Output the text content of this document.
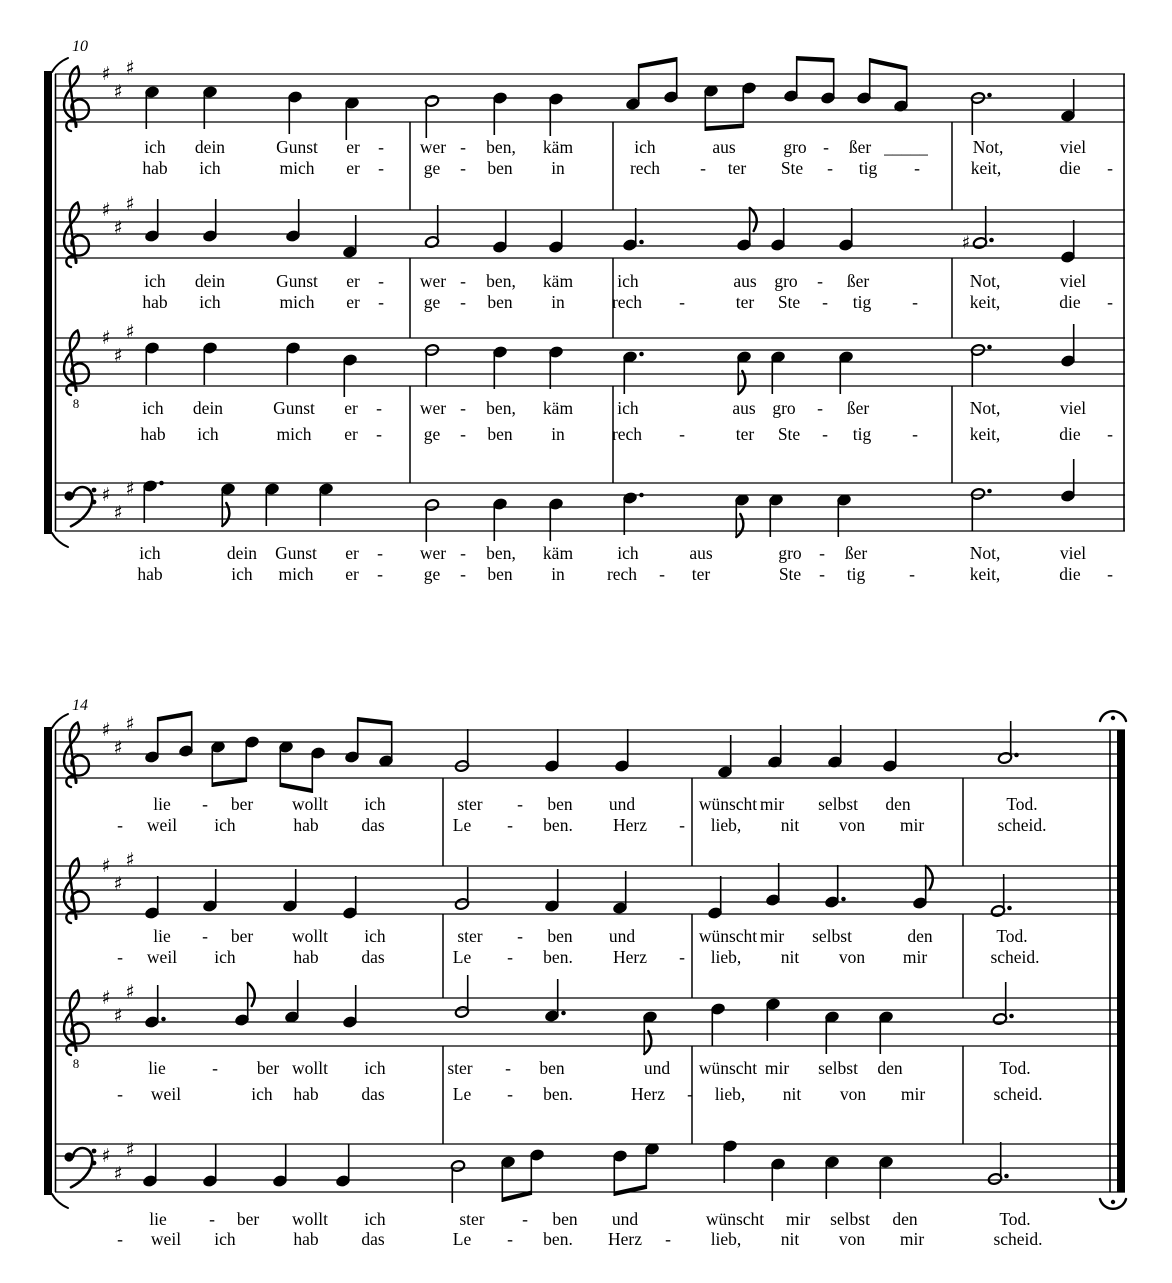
♯
♯
♯
ich dein	Gunst er - wer - ben, käm	ich	aus	gro - ßer _____	Not,	viel
hab ich	mich er - ge - ben in	rech - ter Ste - tig -	keit,	die -
♯
♯
♯
♯
ich dein	Gunst er - wer - ben, käm	ich	aus gro - ßer	Not,	viel
hab ich	mich er - ge - ben in	rech -	ter Ste - tig -	keit,	die -
8
♯
♯
♯
ich dein	Gunst er - wer - ben, käm	ich	aus gro - ßer	Not,	viel
hab ich	mich er - ge - ben in	rech -	ter Ste - tig -	keit,	die -
♯
♯
♯
ich	dein Gunst er - wer - ben, käm	ich	aus	gro - ßer	Not,	viel
hab	ich mich er - ge - ben in rech - ter	Ste - tig	-	keit,	die -
♯
♯
♯
lie - ber wollt ich	ster - ben und	wünscht mir selbst den	Tod.
- weil ich	hab das	Le - ben. Herz - lieb, nit von mir	scheid.
♯
♯
♯
lie - ber wollt ich	ster - ben und	wünscht mir selbst	den	Tod.
- weil ich	hab das	Le - ben. Herz - lieb, nit von mir	scheid.
8
♯
♯
♯
lie	- ber wollt ich	ster - ben	und wünscht mir selbst den	Tod.
- weil	ich hab das	Le - ben.	Herz - lieb, nit von mir	scheid.
♯
♯
♯
lie - ber wollt ich	ster - ben und	wünscht mir selbst den	Tod.
- weil ich	hab das	Le - ben. Herz - lieb, nit von mir	scheid.
10
14
